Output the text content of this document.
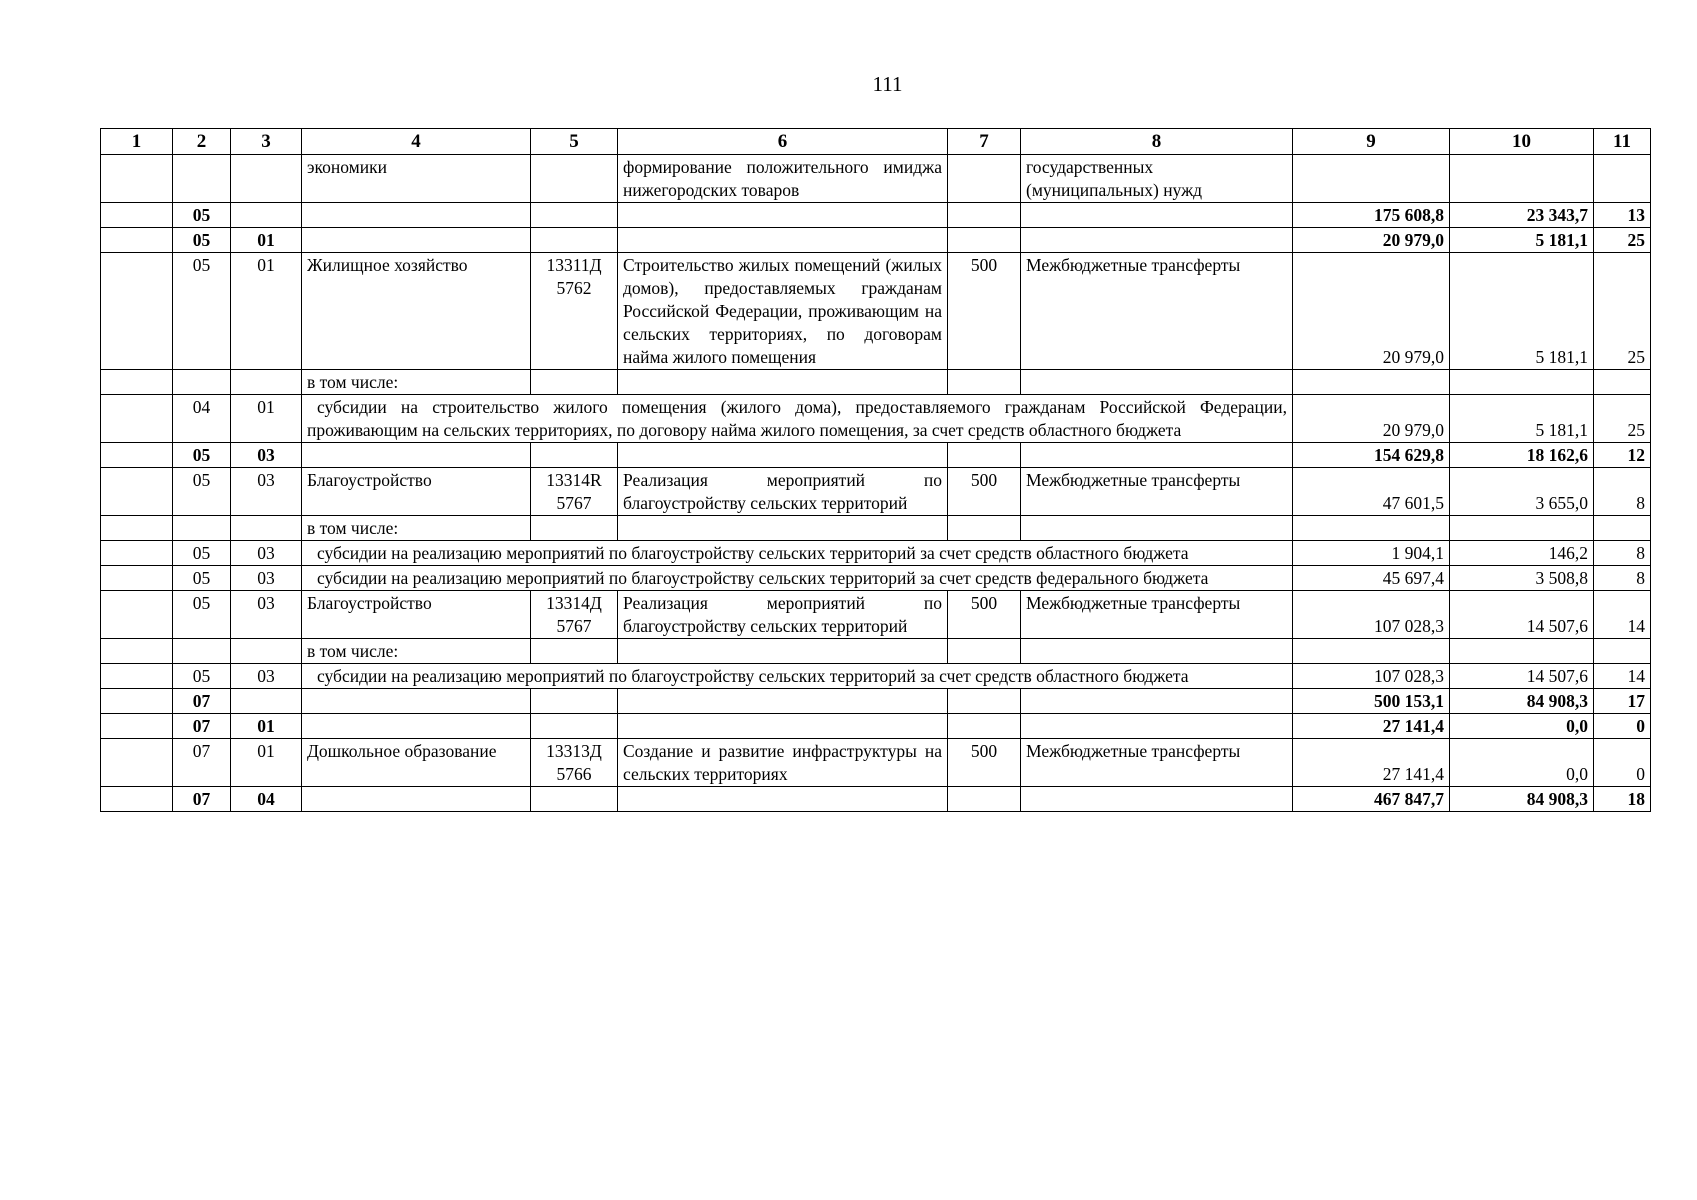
111
1	2	3	4	5	6	7	8	9	10	11
			экономики		формирование положительного имиджа нижегородских товаров		государственных (муниципальных) нужд			
	05							175 608,8	23 343,7	13
	05	01						20 979,0	5 181,1	25
	05	01	Жилищное хозяйство	13311Д 5762	Строительство жилых помещений (жилых домов), предоставляемых гражданам Российской Федерации, проживающим на сельских территориях, по договорам найма жилого помещения	500	Межбюджетные трансферты	20 979,0	5 181,1	25
			в том числе:							
	04	01	субсидии на строительство жилого помещения (жилого дома), предоставляемого гражданам Российской Федерации, проживающим на сельских территориях, по договору найма жилого помещения, за счет средств областного бюджета					20 979,0	5 181,1	25
	05	03						154 629,8	18 162,6	12
	05	03	Благоустройство	13314R 5767	Реализация мероприятий по благоустройству сельских территорий	500	Межбюджетные трансферты	47 601,5	3 655,0	8
			в том числе:							
	05	03	субсидии на реализацию мероприятий по благоустройству сельских территорий за счет средств областного бюджета					1 904,1	146,2	8
	05	03	субсидии на реализацию мероприятий по благоустройству сельских территорий за счет средств федерального бюджета					45 697,4	3 508,8	8
	05	03	Благоустройство	13314Д 5767	Реализация мероприятий по благоустройству сельских территорий	500	Межбюджетные трансферты	107 028,3	14 507,6	14
			в том числе:							
	05	03	субсидии на реализацию мероприятий по благоустройству сельских территорий за счет средств областного бюджета					107 028,3	14 507,6	14
	07							500 153,1	84 908,3	17
	07	01						27 141,4	0,0	0
	07	01	Дошкольное образование	13313Д 5766	Создание и развитие инфраструктуры на сельских территориях	500	Межбюджетные трансферты	27 141,4	0,0	0
	07	04						467 847,7	84 908,3	18
